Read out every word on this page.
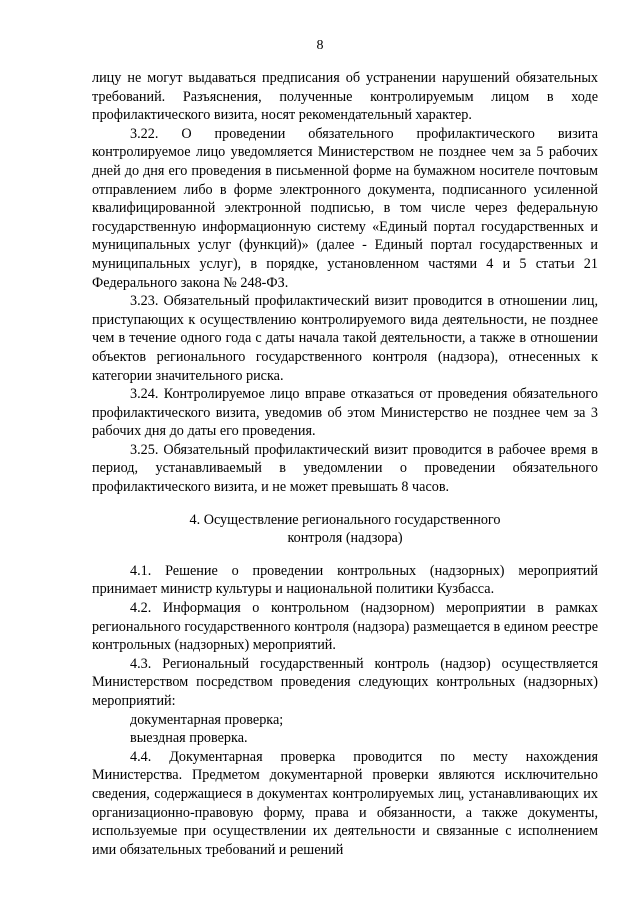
8

лицу не могут выдаваться предписания об устранении нарушений обязательных требований. Разъяснения, полученные контролируемым лицом в ходе профилактического визита, носят рекомендательный характер.

3.22. О проведении обязательного профилактического визита контролируемое лицо уведомляется Министерством не позднее чем за 5 рабочих дней до дня его проведения в письменной форме на бумажном носителе почтовым отправлением либо в форме электронного документа, подписанного усиленной квалифицированной электронной подписью, в том числе через федеральную государственную информационную систему «Единый портал государственных и муниципальных услуг (функций)» (далее - Единый портал государственных и муниципальных услуг), в порядке, установленном частями 4 и 5 статьи 21 Федерального закона № 248-ФЗ.

3.23. Обязательный профилактический визит проводится в отношении лиц, приступающих к осуществлению контролируемого вида деятельности, не позднее чем в течение одного года с даты начала такой деятельности, а также в отношении объектов регионального государственного контроля (надзора), отнесенных к категории значительного риска.

3.24. Контролируемое лицо вправе отказаться от проведения обязательного профилактического визита, уведомив об этом Министерство не позднее чем за 3 рабочих дня до даты его проведения.

3.25. Обязательный профилактический визит проводится в рабочее время в период, устанавливаемый в уведомлении о проведении обязательного профилактического визита, и не может превышать 8 часов.

4. Осуществление регионального государственного
контроля (надзора)

4.1. Решение о проведении контрольных (надзорных) мероприятий принимает министр культуры и национальной политики Кузбасса.

4.2. Информация о контрольном (надзорном) мероприятии в рамках регионального государственного контроля (надзора) размещается в едином реестре контрольных (надзорных) мероприятий.

4.3. Региональный государственный контроль (надзор) осуществляется Министерством посредством проведения следующих контрольных (надзорных) мероприятий:

документарная проверка;

выездная проверка.

4.4. Документарная проверка проводится по месту нахождения Министерства. Предметом документарной проверки являются исключительно сведения, содержащиеся в документах контролируемых лиц, устанавливающих их организационно-правовую форму, права и обязанности, а также документы, используемые при осуществлении их деятельности и связанные с исполнением ими обязательных требований и решений
